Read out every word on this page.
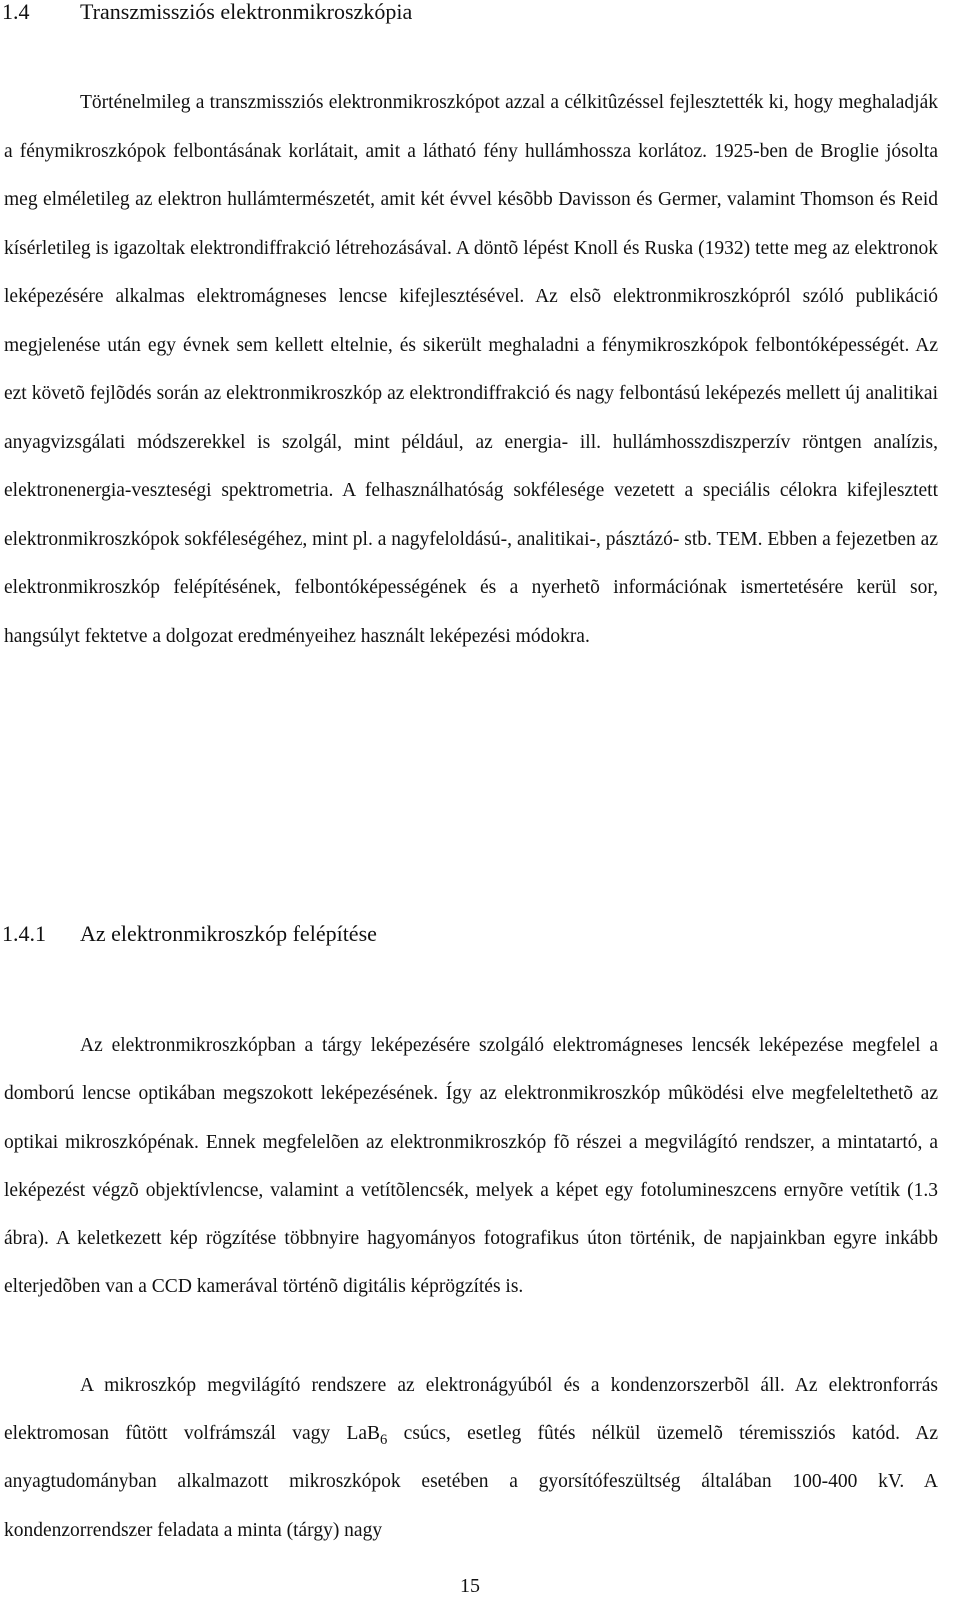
1.4 Transzmissziós elektronmikroszkópia

Történelmileg a transzmissziós elektronmikroszkópot azzal a célkitûzéssel fejlesztették ki, hogy meghaladják a fénymikroszkópok felbontásának korlátait, amit a látható fény hullámhossza korlátoz. 1925-ben de Broglie jósolta meg elméletileg az elektron hullámtermészetét, amit két évvel késõbb Davisson és Germer, valamint Thomson és Reid kísérletileg is igazoltak elektrondiffrakció létrehozásával. A döntõ lépést Knoll és Ruska (1932) tette meg az elektronok leképezésére alkalmas elektromágneses lencse kifejlesztésével. Az elsõ elektronmikroszkópról szóló publikáció megjelenése után egy évnek sem kellett eltelnie, és sikerült meghaladni a fénymikroszkópok felbontóképességét. Az ezt követõ fejlõdés során az elektronmikroszkóp az elektrondiffrakció és nagy felbontású leképezés mellett új analitikai anyagvizsgálati módszerekkel is szolgál, mint például, az energia- ill. hullámhosszdiszperzív röntgen analízis, elektronenergia-veszteségi spektrometria. A felhasználhatóság sokfélesége vezetett a speciális célokra kifejlesztett elektronmikroszkópok sokféleségéhez, mint pl. a nagyfeloldású-, analitikai-, pásztázó- stb. TEM. Ebben a fejezetben az elektronmikroszkóp felépítésének, felbontóképességének és a nyerhetõ információnak ismertetésére kerül sor, hangsúlyt fektetve a dolgozat eredményeihez használt leképezési módokra.

1.4.1 Az elektronmikroszkóp felépítése

Az elektronmikroszkópban a tárgy leképezésére szolgáló elektromágneses lencsék leképezése megfelel a domború lencse optikában megszokott leképezésének. Így az elektronmikroszkóp mûködési elve megfeleltethetõ az optikai mikroszkópénak. Ennek megfelelõen az elektronmikroszkóp fõ részei a megvilágító rendszer, a mintatartó, a leképezést végzõ objektívlencse, valamint a vetítõlencsék, melyek a képet egy fotolumineszcens ernyõre vetítik (1.3 ábra). A keletkezett kép rögzítése többnyire hagyományos fotografikus úton történik, de napjainkban egyre inkább elterjedõben van a CCD kamerával történõ digitális képrögzítés is.

A mikroszkóp megvilágító rendszere az elektronágyúból és a kondenzorszerbõl áll. Az elektronforrás elektromosan fûtött volfrámszál vagy LaB$_6$ csúcs, esetleg fûtés nélkül üzemelõ téremissziós katód. Az anyagtudományban alkalmazott mikroszkópok esetében a gyorsítófeszültség általában 100-400 kV. A kondenzorrendszer feladata a minta (tárgy) nagy

15
